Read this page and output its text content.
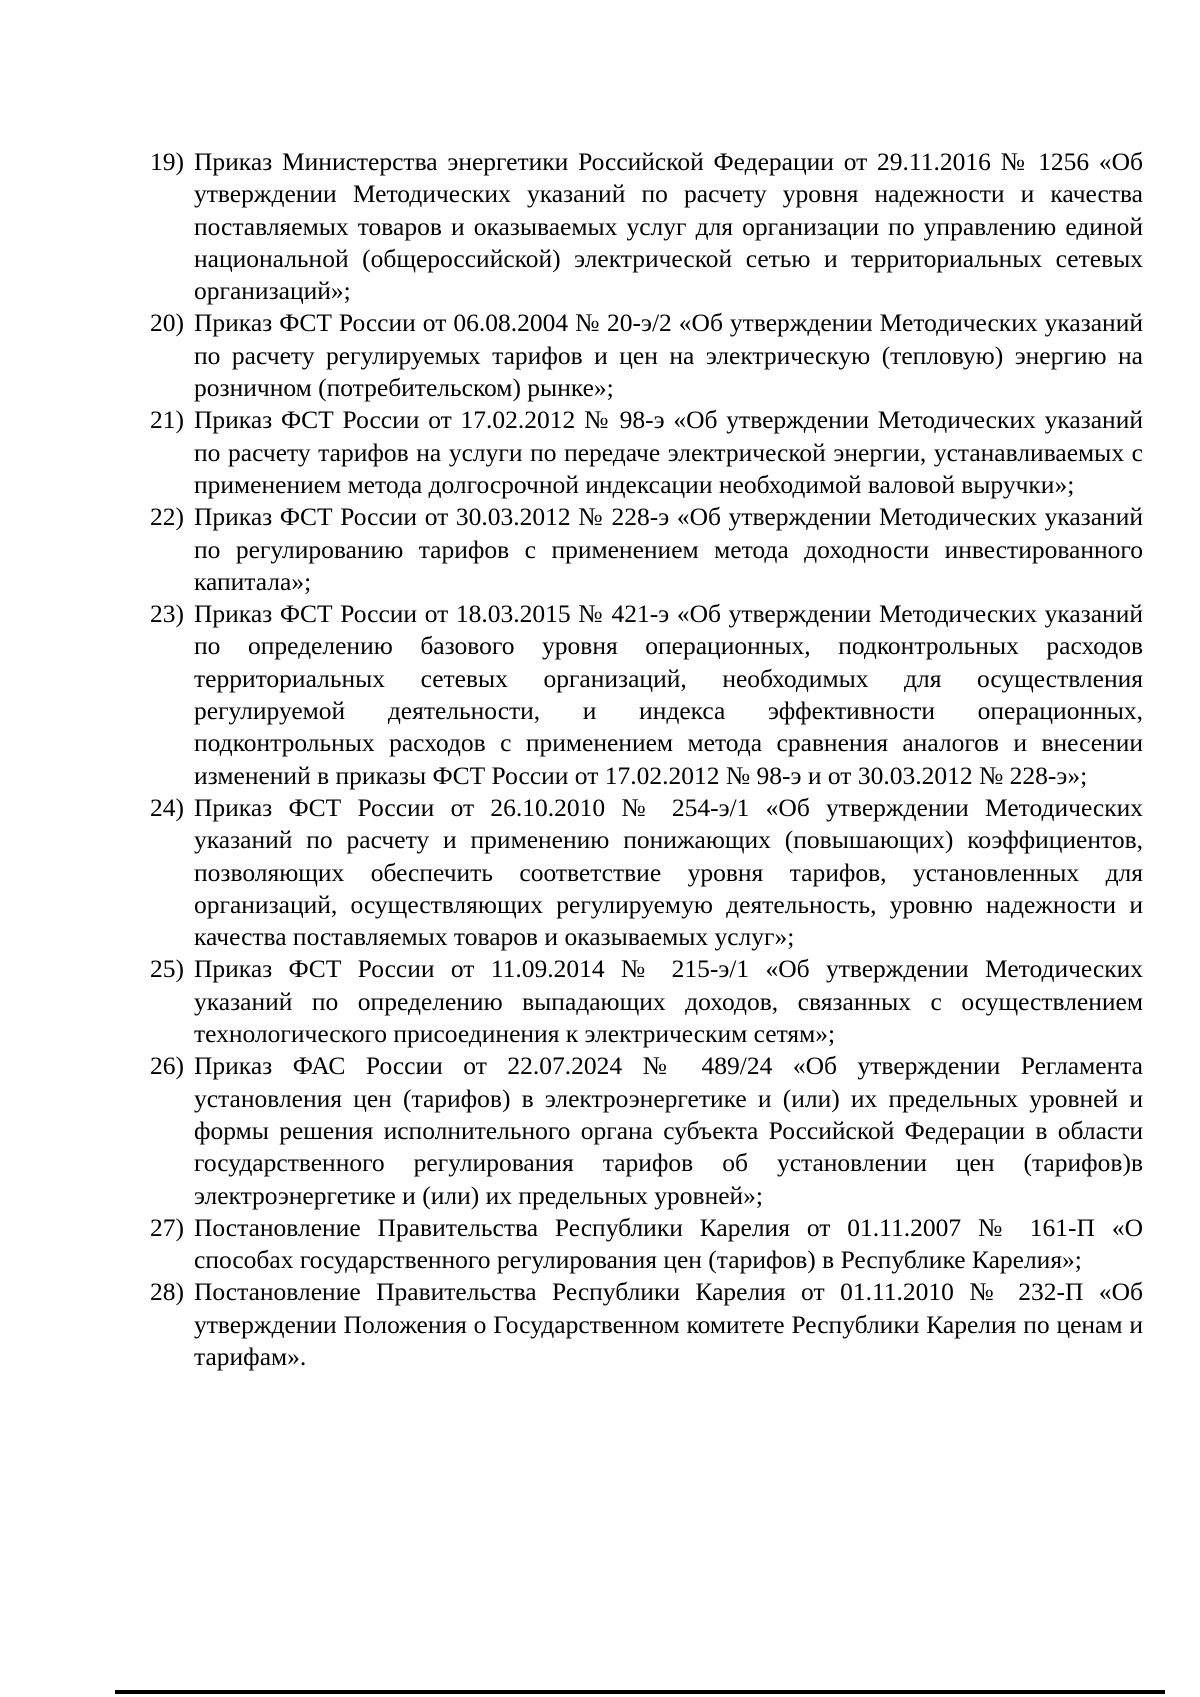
19) Приказ Министерства энергетики Российской Федерации от 29.11.2016 № 1256 «Об утверждении Методических указаний по расчету уровня надежности и качества поставляемых товаров и оказываемых услуг для организации по управлению единой национальной (общероссийской) электрической сетью и территориальных сетевых организаций»;
20) Приказ ФСТ России от 06.08.2004 № 20-э/2 «Об утверждении Методических указаний по расчету регулируемых тарифов и цен на электрическую (тепловую) энергию на розничном (потребительском) рынке»;
21) Приказ ФСТ России от 17.02.2012 № 98-э «Об утверждении Методических указаний по расчету тарифов на услуги по передаче электрической энергии, устанавливаемых с применением метода долгосрочной индексации необходимой валовой выручки»;
22) Приказ ФСТ России от 30.03.2012 № 228-э «Об утверждении Методических указаний по регулированию тарифов с применением метода доходности инвестированного капитала»;
23) Приказ ФСТ России от 18.03.2015 № 421-э «Об утверждении Методических указаний по определению базового уровня операционных, подконтрольных расходов территориальных сетевых организаций, необходимых для осуществления регулируемой деятельности, и индекса эффективности операционных, подконтрольных расходов с применением метода сравнения аналогов и внесении изменений в приказы ФСТ России от 17.02.2012 № 98-э и от 30.03.2012 № 228-э»;
24) Приказ ФСТ России от 26.10.2010 № 254-э/1 «Об утверждении Методических указаний по расчету и применению понижающих (повышающих) коэффициентов, позволяющих обеспечить соответствие уровня тарифов, установленных для организаций, осуществляющих регулируемую деятельность, уровню надежности и качества поставляемых товаров и оказываемых услуг»;
25) Приказ ФСТ России от 11.09.2014 № 215-э/1 «Об утверждении Методических указаний по определению выпадающих доходов, связанных с осуществлением технологического присоединения к электрическим сетям»;
26) Приказ ФАС России от 22.07.2024 № 489/24 «Об утверждении Регламента установления цен (тарифов) в электроэнергетике и (или) их предельных уровней и формы решения исполнительного органа субъекта Российской Федерации в области государственного регулирования тарифов об установлении цен (тарифов)в электроэнергетике и (или) их предельных уровней»;
27) Постановление Правительства Республики Карелия от 01.11.2007 № 161-П «О способах государственного регулирования цен (тарифов) в Республике Карелия»;
28) Постановление Правительства Республики Карелия от 01.11.2010 № 232-П «Об утверждении Положения о Государственном комитете Республики Карелия по ценам и тарифам».
